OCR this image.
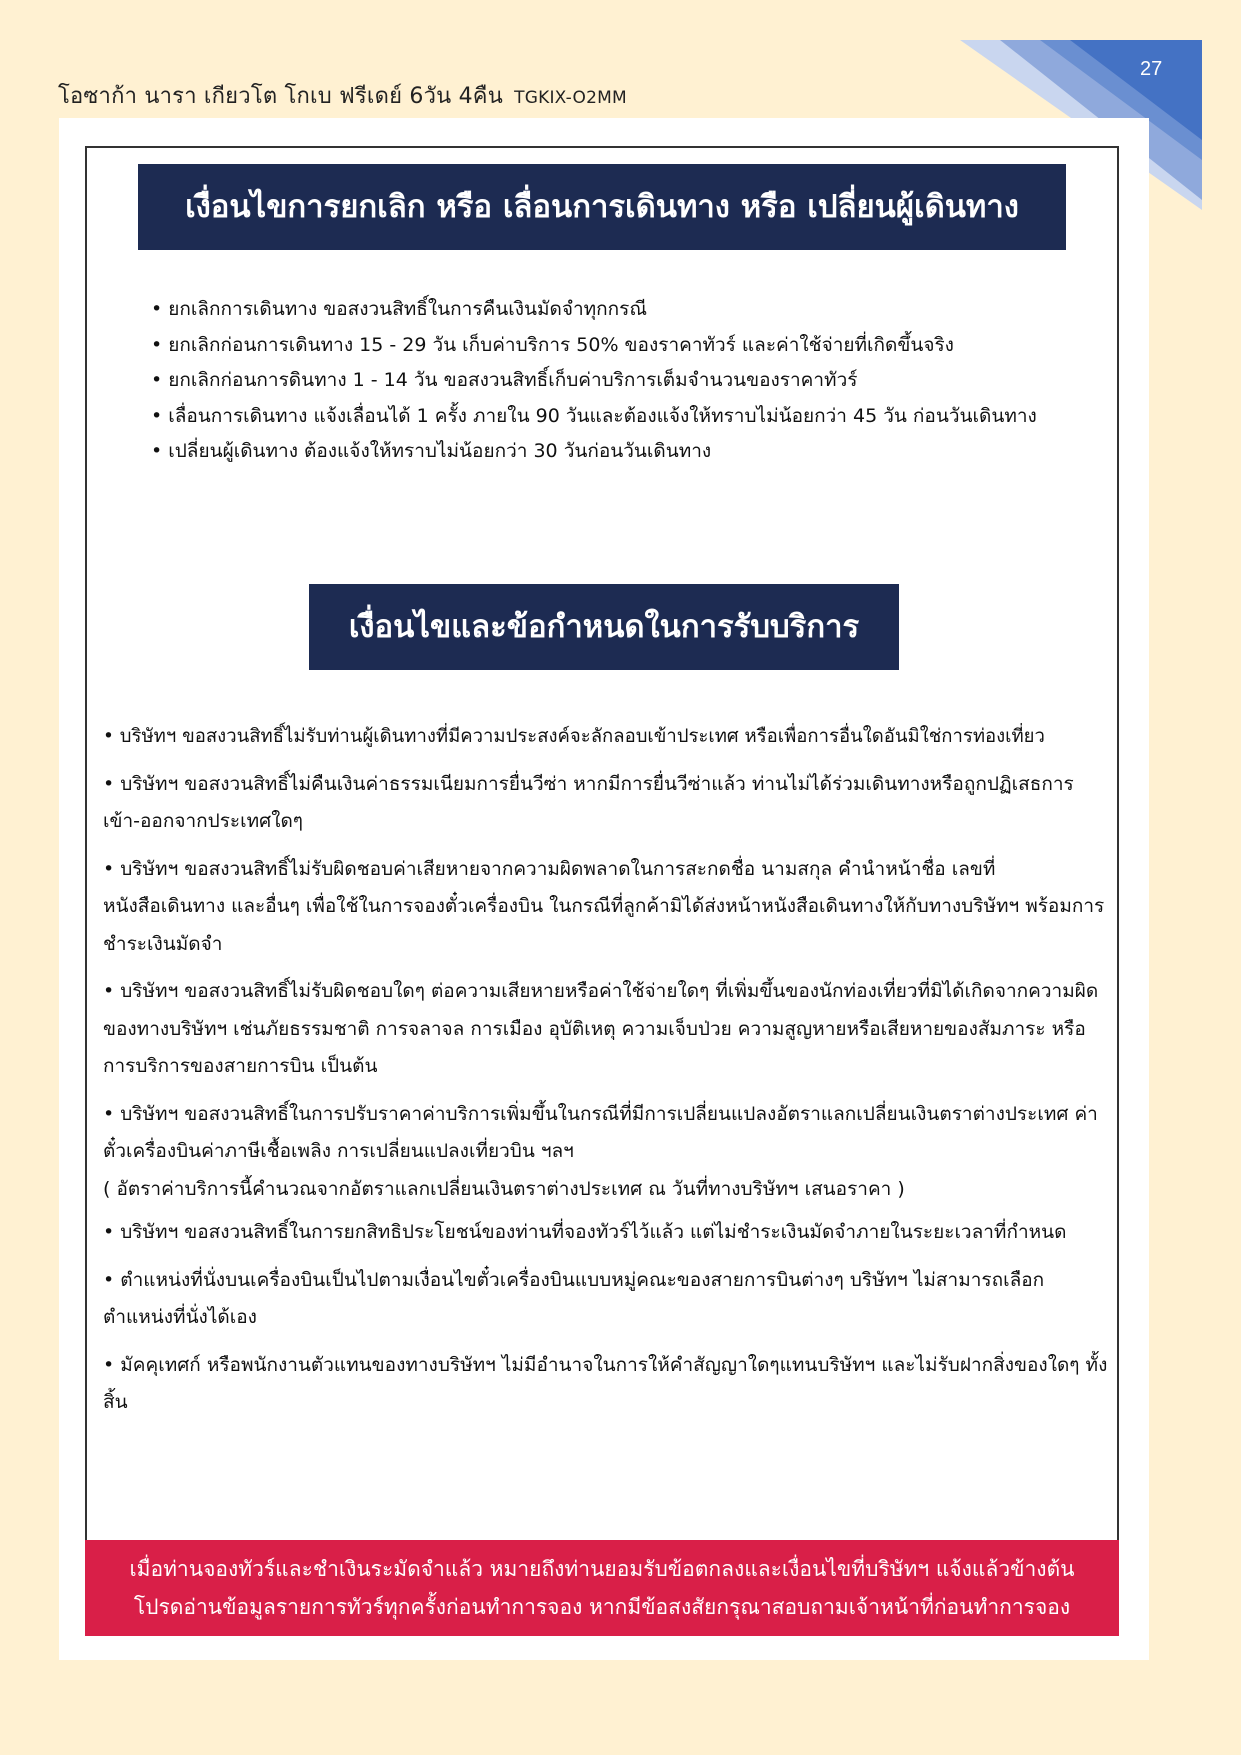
โอซาก้า นารา เกียวโต โกเบ ฟรีเดย์ 6วัน 4คืน TGKIX-O2MM
27
เงื่อนไขการยกเลิก หรือ เลื่อนการเดินทาง หรือ เปลี่ยนผู้เดินทาง
• ยกเลิกการเดินทาง ขอสงวนสิทธิ์ในการคืนเงินมัดจำทุกกรณี
• ยกเลิกก่อนการเดินทาง 15 - 29 วัน เก็บค่าบริการ 50% ของราคาทัวร์ และค่าใช้จ่ายที่เกิดขึ้นจริง
• ยกเลิกก่อนการดินทาง 1 - 14 วัน ขอสงวนสิทธิ์เก็บค่าบริการเต็มจำนวนของราคาทัวร์
• เลื่อนการเดินทาง แจ้งเลื่อนได้ 1 ครั้ง ภายใน 90 วันและต้องแจ้งให้ทราบไม่น้อยกว่า 45 วัน ก่อนวันเดินทาง
• เปลี่ยนผู้เดินทาง ต้องแจ้งให้ทราบไม่น้อยกว่า 30 วันก่อนวันเดินทาง
เงื่อนไขและข้อกำหนดในการรับบริการ
• บริษัทฯ ขอสงวนสิทธิ์ไม่รับท่านผู้เดินทางที่มีความประสงค์จะลักลอบเข้าประเทศ หรือเพื่อการอื่นใดอันมิใช่การท่องเที่ยว
• บริษัทฯ ขอสงวนสิทธิ์ไม่คืนเงินค่าธรรมเนียมการยื่นวีซ่า หากมีการยื่นวีซ่าแล้ว ท่านไม่ได้ร่วมเดินทางหรือถูกปฏิเสธการเข้า-ออกจากประเทศใดๆ
• บริษัทฯ ขอสงวนสิทธิ์ไม่รับผิดชอบค่าเสียหายจากความผิดพลาดในการสะกดชื่อ นามสกุล คำนำหน้าชื่อ เลขที่หนังสือเดินทาง และอื่นๆ เพื่อใช้ในการจองตั๋วเครื่องบิน ในกรณีที่ลูกค้ามิได้ส่งหน้าหนังสือเดินทางให้กับทางบริษัทฯ พร้อมการชำระเงินมัดจำ
• บริษัทฯ ขอสงวนสิทธิ์ไม่รับผิดชอบใดๆ ต่อความเสียหายหรือค่าใช้จ่ายใดๆ ที่เพิ่มขึ้นของนักท่องเที่ยวที่มิได้เกิดจากความผิดของทางบริษัทฯ เช่นภัยธรรมชาติ การจลาจล การเมือง อุบัติเหตุ ความเจ็บป่วย ความสูญหายหรือเสียหายของสัมภาระ หรือการบริการของสายการบิน เป็นต้น
• บริษัทฯ ขอสงวนสิทธิ์ในการปรับราคาค่าบริการเพิ่มขึ้นในกรณีที่มีการเปลี่ยนแปลงอัตราแลกเปลี่ยนเงินตราต่างประเทศ ค่าตั๋วเครื่องบินค่าภาษีเชื้อเพลิง การเปลี่ยนแปลงเที่ยวบิน ฯลฯ
( อัตราค่าบริการนี้คำนวณจากอัตราแลกเปลี่ยนเงินตราต่างประเทศ ณ วันที่ทางบริษัทฯ เสนอราคา )
• บริษัทฯ ขอสงวนสิทธิ์ในการยกสิทธิประโยชน์ของท่านที่จองทัวร์ไว้แล้ว แต่ไม่ชำระเงินมัดจำภายในระยะเวลาที่กำหนด
• ตำแหน่งที่นั่งบนเครื่องบินเป็นไปตามเงื่อนไขตั๋วเครื่องบินแบบหมู่คณะของสายการบินต่างๆ บริษัทฯ ไม่สามารถเลือกตำแหน่งที่นั่งได้เอง
• มัคคุเทศก์ หรือพนักงานตัวแทนของทางบริษัทฯ ไม่มีอำนาจในการให้คำสัญญาใดๆแทนบริษัทฯ และไม่รับฝากสิ่งของใดๆ ทั้งสิ้น
เมื่อท่านจองทัวร์และชำเงินระมัดจำแล้ว หมายถึงท่านยอมรับข้อตกลงและเงื่อนไขที่บริษัทฯ แจ้งแล้วข้างต้น
โปรดอ่านข้อมูลรายการทัวร์ทุกครั้งก่อนทำการจอง หากมีข้อสงสัยกรุณาสอบถามเจ้าหน้าที่ก่อนทำการจอง
